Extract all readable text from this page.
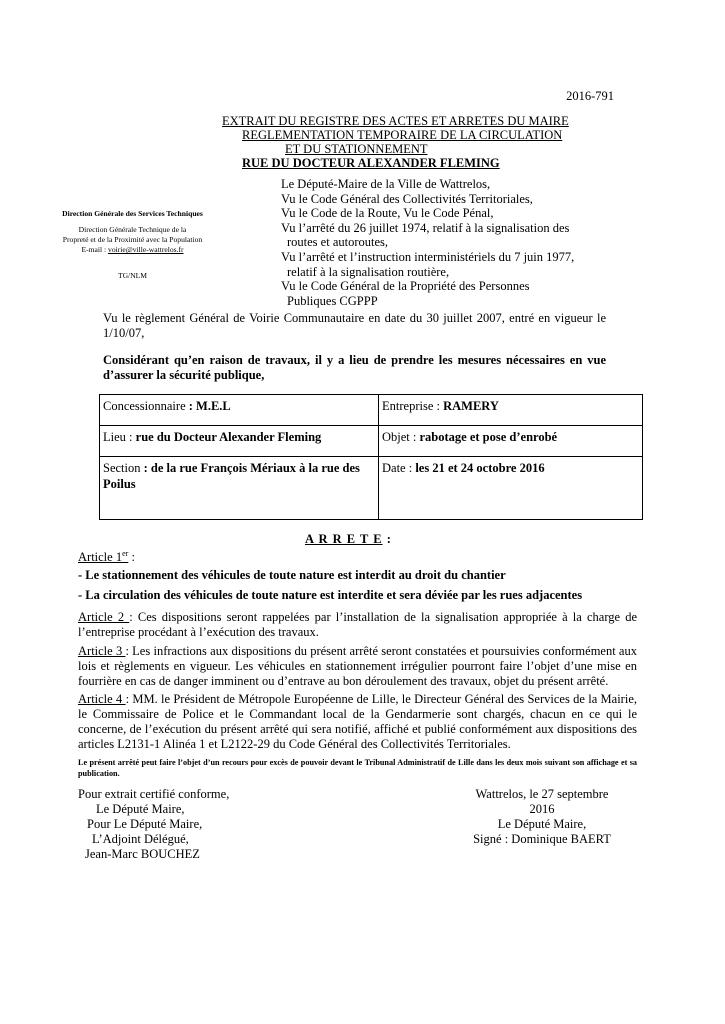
2016-791
EXTRAIT DU REGISTRE DES ACTES ET ARRETES DU MAIRE
REGLEMENTATION TEMPORAIRE DE LA CIRCULATION
ET DU STATIONNEMENT
RUE DU DOCTEUR ALEXANDER FLEMING
Direction Générale des Services Techniques
Direction Générale Technique de la
Propreté et de la Proximité avec la Population
E-mail : voirie@ville-wattrelos.fr
TG/NLM
Le Député-Maire de la Ville de Wattrelos,
Vu le Code Général des Collectivités Territoriales,
Vu le Code de la Route, Vu le Code Pénal,
Vu l’arrêté du 26 juillet 1974, relatif à la signalisation des
routes et autoroutes,
Vu l’arrêté et l’instruction interministériels du 7 juin 1977,
relatif à la signalisation routière,
Vu le Code Général de la Propriété des Personnes
Publiques CGPPP
Vu le règlement Général de Voirie Communautaire en date du 30 juillet 2007, entré en vigueur le 1/10/07,
Considérant qu’en raison de travaux, il y a lieu de prendre les mesures nécessaires en vue d’assurer la sécurité publique,
Concessionnaire : M.E.L	Entreprise : RAMERY
Lieu : rue du Docteur Alexander Fleming	Objet : rabotage et pose d’enrobé
Section : de la rue François Mériaux à la rue des Poilus	Date : les 21 et 24 octobre 2016
A R R E T E :
Article 1er :
- Le stationnement des véhicules de toute nature est interdit au droit du chantier
- La circulation des véhicules de toute nature est interdite et sera déviée par les rues adjacentes
Article 2 : Ces dispositions seront rappelées par l’installation de la signalisation appropriée à la charge de l’entreprise procédant à l’exécution des travaux.
Article 3 : Les infractions aux dispositions du présent arrêté seront constatées et poursuivies conformément aux lois et règlements en vigueur. Les véhicules en stationnement irrégulier pourront faire l’objet d’une mise en fourrière en cas de danger imminent ou d’entrave au bon déroulement des travaux, objet du présent arrêté.
Article 4 : MM. le Président de Métropole Européenne de Lille, le Directeur Général des Services de la Mairie, le Commissaire de Police et le Commandant local de la Gendarmerie sont chargés, chacun en ce qui le concerne, de l’exécution du présent arrêté qui sera notifié, affiché et publié conformément aux dispositions des articles L2131-1 Alinéa 1 et L2122-29 du Code Général des Collectivités Territoriales.
Le présent arrêté peut faire l’objet d’un recours pour excès de pouvoir devant le Tribunal Administratif de Lille dans les deux mois suivant son affichage et sa publication.
Pour extrait certifié conforme,
Le Député Maire,
Pour Le Député Maire,
L’Adjoint Délégué,
Jean-Marc BOUCHEZ
Wattrelos, le 27 septembre 2016
Le Député Maire,
Signé : Dominique BAERT
